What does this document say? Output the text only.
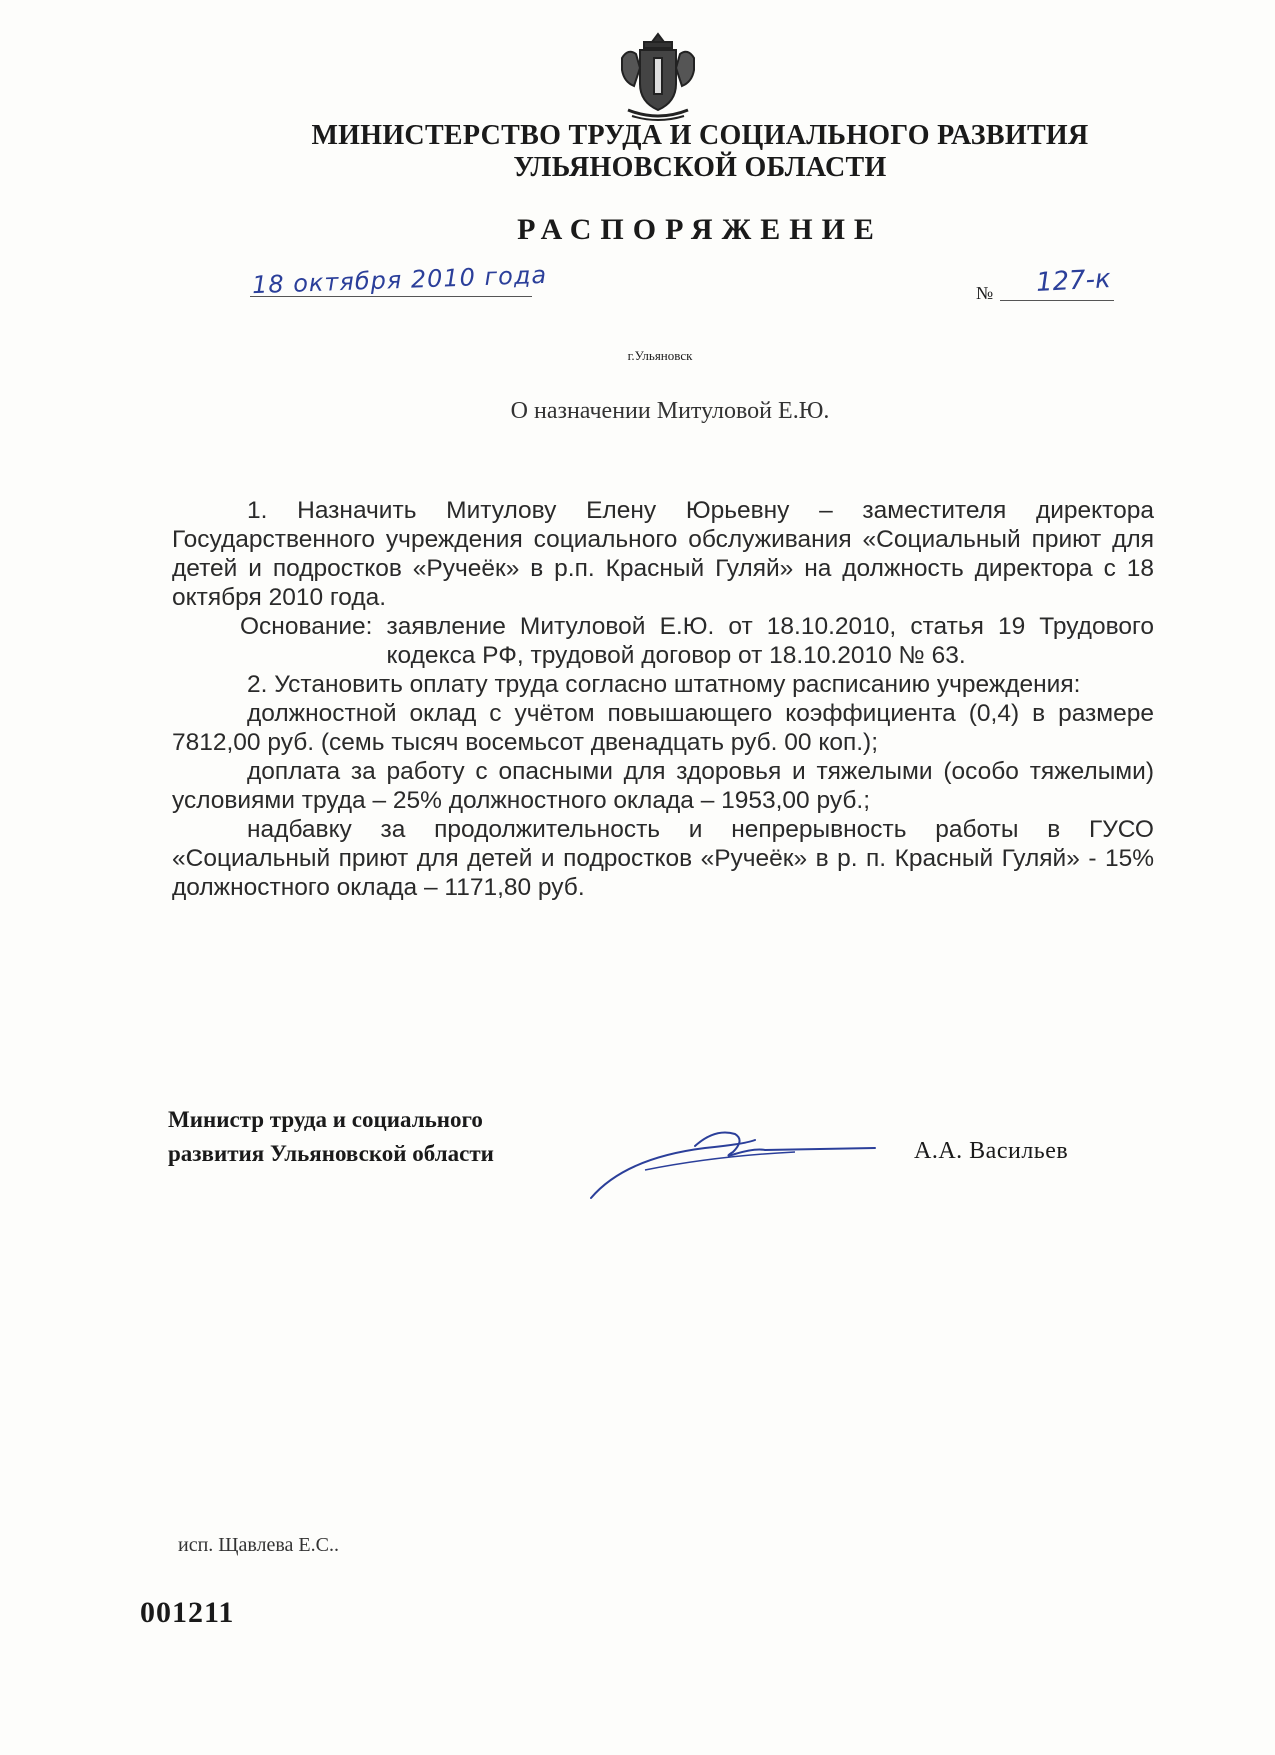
МИНИСТЕРСТВО ТРУДА И СОЦИАЛЬНОГО РАЗВИТИЯ
УЛЬЯНОВСКОЙ ОБЛАСТИ
РАСПОРЯЖЕНИЕ
18 октября 2010 года	№ 127-к
г.Ульяновск
О назначении Митуловой Е.Ю.

1. Назначить Митулову Елену Юрьевну – заместителя директора Государственного учреждения социального обслуживания «Социальный приют для детей и подростков «Ручеёк» в р.п. Красный Гуляй» на должность директора с 18 октября 2010 года.

Основание: заявление Митуловой Е.Ю. от 18.10.2010, статья 19 Трудового кодекса РФ, трудовой договор от 18.10.2010 № 63.

2. Установить оплату труда согласно штатному расписанию учреждения:

должностной оклад с учётом повышающего коэффициента (0,4) в размере 7812,00 руб. (семь тысяч восемьсот двенадцать руб. 00 коп.);

доплата за работу с опасными для здоровья и тяжелыми (особо тяжелыми) условиями труда – 25% должностного оклада – 1953,00 руб.;

надбавку за продолжительность и непрерывность работы в ГУСО «Социальный приют для детей и подростков «Ручеёк» в р. п. Красный Гуляй» - 15% должностного оклада – 1171,80 руб.

Министр труда и социального
развития Ульяновской области	А.А. Васильев
исп. Щавлева Е.С..
001211
